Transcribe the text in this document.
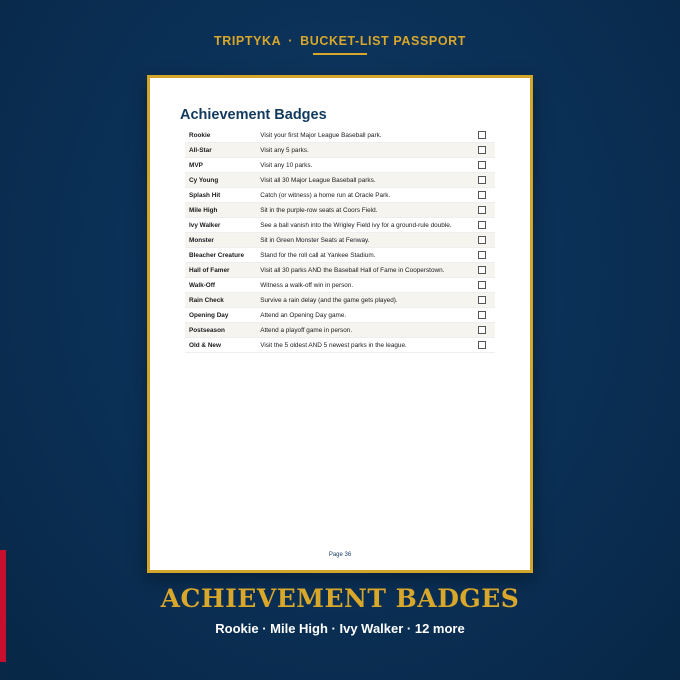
TRIPTYKA · BUCKET-LIST PASSPORT
Achievement Badges
Rookie	Visit your first Major League Baseball park.	
All-Star	Visit any 5 parks.	
MVP	Visit any 10 parks.	
Cy Young	Visit all 30 Major League Baseball parks.	
Splash Hit	Catch (or witness) a home run at Oracle Park.	
Mile High	Sit in the purple-row seats at Coors Field.	
Ivy Walker	See a ball vanish into the Wrigley Field ivy for a ground-rule double.	
Monster	Sit in Green Monster Seats at Fenway.	
Bleacher Creature	Stand for the roll call at Yankee Stadium.	
Hall of Famer	Visit all 30 parks AND the Baseball Hall of Fame in Cooperstown.	
Walk-Off	Witness a walk-off win in person.	
Rain Check	Survive a rain delay (and the game gets played).	
Opening Day	Attend an Opening Day game.	
Postseason	Attend a playoff game in person.	
Old & New	Visit the 5 oldest AND 5 newest parks in the league.	
Page 36
ACHIEVEMENT BADGES
Rookie · Mile High · Ivy Walker · 12 more
